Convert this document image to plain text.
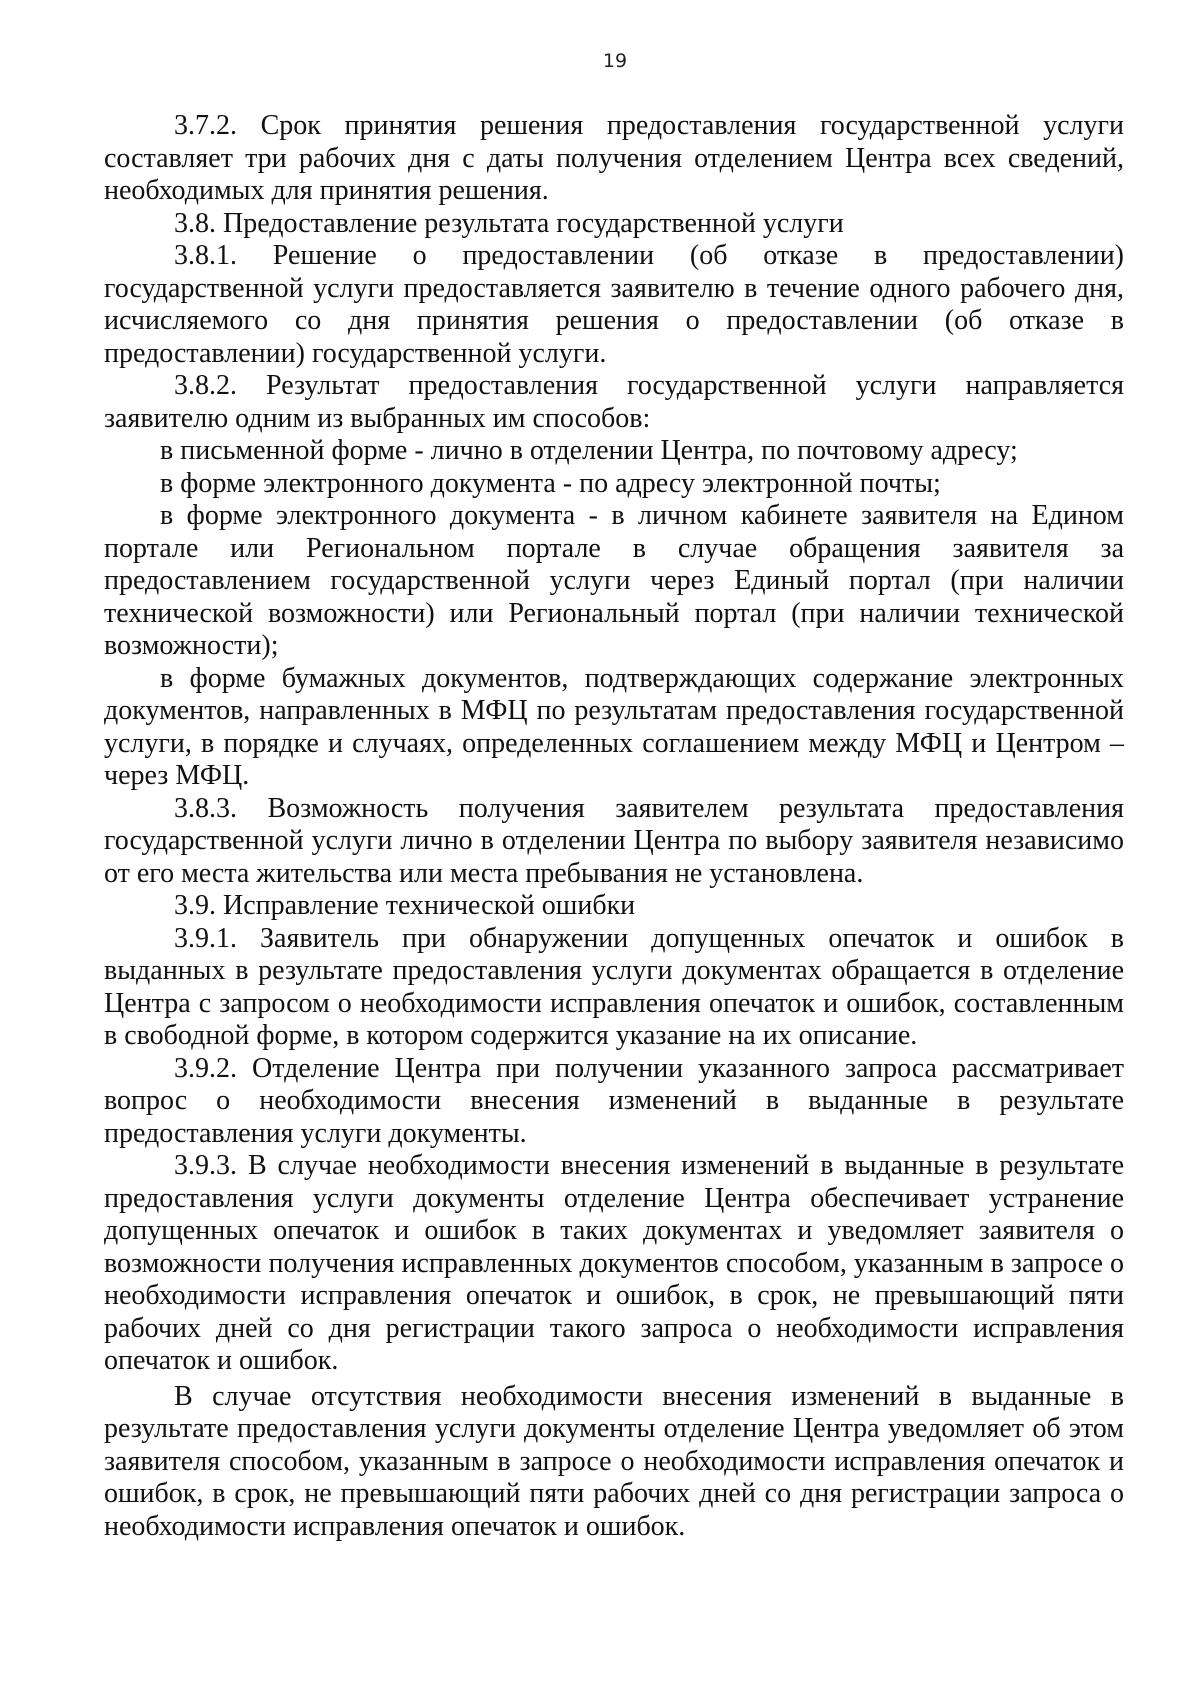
19

3.7.2. Срок принятия решения предоставления государственной услуги составляет три рабочих дня с даты получения отделением Центра всех сведений, необходимых для принятия решения.

3.8. Предоставление результата государственной услуги

3.8.1. Решение о предоставлении (об отказе в предоставлении) государственной услуги предоставляется заявителю в течение одного рабочего дня, исчисляемого со дня принятия решения о предоставлении (об отказе в предоставлении) государственной услуги.

3.8.2. Результат предоставления государственной услуги направляется заявителю одним из выбранных им способов:

в письменной форме - лично в отделении Центра, по почтовому адресу;

в форме электронного документа - по адресу электронной почты;

в форме электронного документа - в личном кабинете заявителя на Едином портале или Региональном портале в случае обращения заявителя за предоставлением государственной услуги через Единый портал (при наличии технической возможности) или Региональный портал (при наличии технической возможности);

в форме бумажных документов, подтверждающих содержание электронных документов, направленных в МФЦ по результатам предоставления государственной услуги, в порядке и случаях, определенных соглашением между МФЦ и Центром – через МФЦ.

3.8.3. Возможность получения заявителем результата предоставления государственной услуги лично в отделении Центра по выбору заявителя независимо от его места жительства или места пребывания не установлена.

3.9. Исправление технической ошибки

3.9.1. Заявитель при обнаружении допущенных опечаток и ошибок в выданных в результате предоставления услуги документах обращается в отделение Центра с запросом о необходимости исправления опечаток и ошибок, составленным в свободной форме, в котором содержится указание на их описание.

3.9.2. Отделение Центра при получении указанного запроса рассматривает вопрос о необходимости внесения изменений в выданные в результате предоставления услуги документы.

3.9.3. В случае необходимости внесения изменений в выданные в результате предоставления услуги документы отделение Центра обеспечивает устранение допущенных опечаток и ошибок в таких документах и уведомляет заявителя о возможности получения исправленных документов способом, указанным в запросе о необходимости исправления опечаток и ошибок, в срок, не превышающий пяти рабочих дней со дня регистрации такого запроса о необходимости исправления опечаток и ошибок.

В случае отсутствия необходимости внесения изменений в выданные в результате предоставления услуги документы отделение Центра уведомляет об этом заявителя способом, указанным в запросе о необходимости исправления опечаток и ошибок, в срок, не превышающий пяти рабочих дней со дня регистрации запроса о необходимости исправления опечаток и ошибок.
